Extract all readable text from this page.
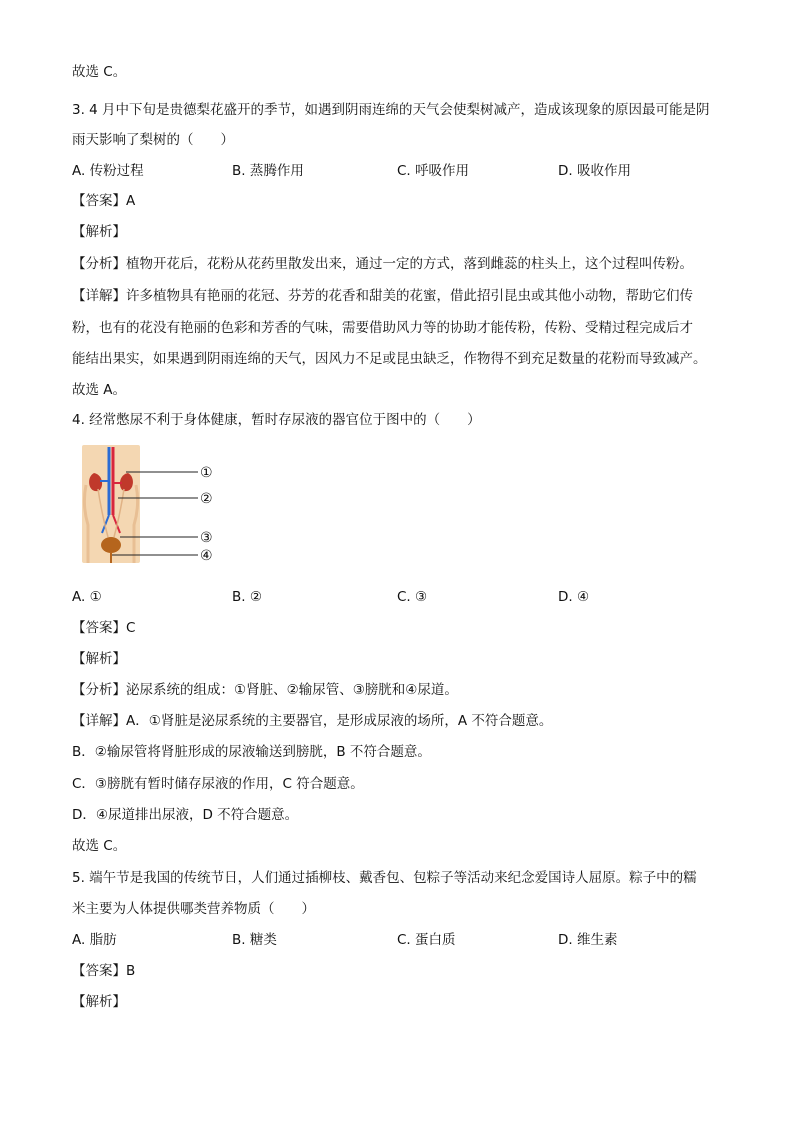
故选 C。
3. 4 月中下旬是贵德梨花盛开的季节，如遇到阴雨连绵的天气会使梨树减产，造成该现象的原因最可能是阴
雨天影响了梨树的（　　）
A. 传粉过程	B. 蒸腾作用	C. 呼吸作用	D. 吸收作用
【答案】A
【解析】
【分析】植物开花后，花粉从花药里散发出来，通过一定的方式，落到雌蕊的柱头上，这个过程叫传粉。
【详解】许多植物具有艳丽的花冠、芬芳的花香和甜美的花蜜，借此招引昆虫或其他小动物，帮助它们传
粉，也有的花没有艳丽的色彩和芳香的气味，需要借助风力等的协助才能传粉，传粉、受精过程完成后才
能结出果实，如果遇到阴雨连绵的天气，因风力不足或昆虫缺乏，作物得不到充足数量的花粉而导致减产。
故选 A。
4. 经常憋尿不利于身体健康，暂时存尿液的器官位于图中的（　　）
①
②
③
④
A. ①	B. ②	C. ③	D. ④
【答案】C
【解析】
【分析】泌尿系统的组成：①肾脏、②输尿管、③膀胱和④尿道。
【详解】A．①肾脏是泌尿系统的主要器官，是形成尿液的场所，A 不符合题意。
B．②输尿管将肾脏形成的尿液输送到膀胱，B 不符合题意。
C．③膀胱有暂时储存尿液的作用，C 符合题意。
D．④尿道排出尿液，D 不符合题意。
故选 C。
5. 端午节是我国的传统节日，人们通过插柳枝、戴香包、包粽子等活动来纪念爱国诗人屈原。粽子中的糯
米主要为人体提供哪类营养物质（　　）
A. 脂肪	B. 糖类	C. 蛋白质	D. 维生素
【答案】B
【解析】
